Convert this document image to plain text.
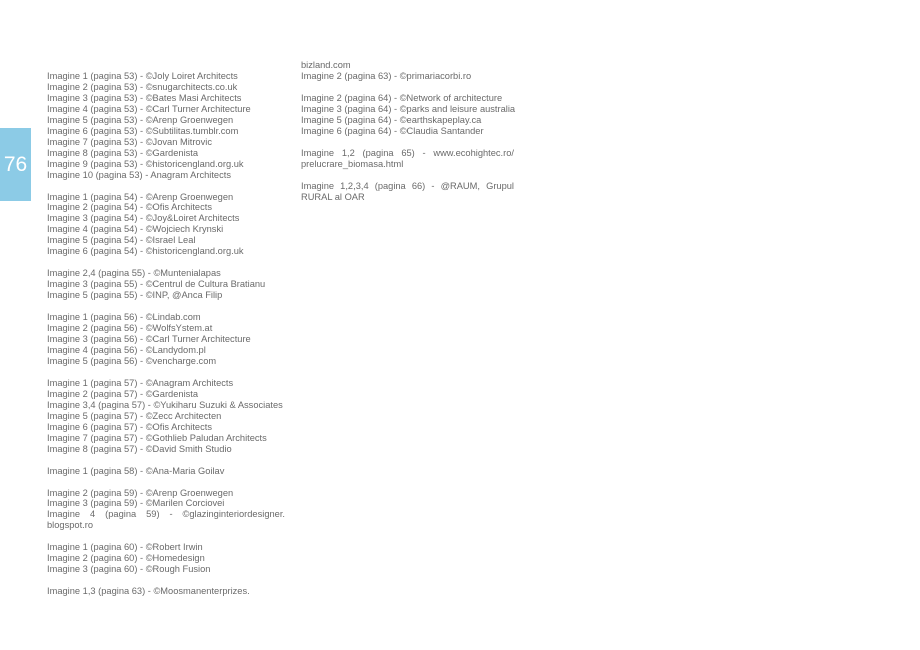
76
Imagine 1 (pagina 53) - ©Joly Loiret Architects
Imagine 2 (pagina 53) - ©snugarchitects.co.uk
Imagine 3 (pagina 53) - ©Bates Masi Architects
Imagine 4 (pagina 53) - ©Carl Turner Architecture
Imagine 5 (pagina 53) - ©Arenp Groenwegen
Imagine 6 (pagina 53) - ©Subtilitas.tumblr.com
Imagine 7 (pagina 53) - ©Jovan Mitrovic
Imagine 8 (pagina 53) - ©Gardenista
Imagine 9 (pagina 53) - ©historicengland.org.uk
Imagine 10 (pagina 53) - Anagram Architects
Imagine 1 (pagina 54) - ©Arenp Groenwegen
Imagine 2 (pagina 54) - ©Ofis Architects
Imagine 3 (pagina 54) - ©Joy&Loiret Architects
Imagine 4 (pagina 54) - ©Wojciech Krynski
Imagine 5 (pagina 54) - ©Israel Leal
Imagine 6 (pagina 54) - ©historicengland.org.uk
Imagine 2,4 (pagina 55) - ©Muntenialapas
Imagine 3 (pagina 55) - ©Centrul de Cultura Bratianu
Imagine 5 (pagina 55) - ©INP, @Anca Filip
Imagine 1 (pagina 56) - ©Lindab.com
Imagine 2 (pagina 56) - ©WolfsYstem.at
Imagine 3 (pagina 56) - ©Carl Turner Architecture
Imagine 4 (pagina 56) - ©Landydom.pl
Imagine 5 (pagina 56) - ©vencharge.com
Imagine 1 (pagina 57) - ©Anagram Architects
Imagine 2 (pagina 57) - ©Gardenista
Imagine 3,4 (pagina 57) - ©Yukiharu Suzuki & Associates
Imagine 5 (pagina 57) - ©Zecc Architecten
Imagine 6 (pagina 57) - ©Ofis Architects
Imagine 7 (pagina 57) - ©Gothlieb Paludan Architects
Imagine 8 (pagina 57) - ©David Smith Studio
Imagine 1 (pagina 58) - ©Ana-Maria Goilav
Imagine 2 (pagina 59) - ©Arenp Groenwegen
Imagine 3 (pagina 59) - ©Marilen Corciovei
Imagine 4 (pagina 59) - ©glazinginteriordesigner. blogspot.ro
Imagine 1 (pagina 60) - ©Robert Irwin
Imagine 2 (pagina 60) - ©Homedesign
Imagine 3 (pagina 60) - ©Rough Fusion
Imagine 1,3 (pagina 63) - ©Moosmanenterprizes.
bizland.com
Imagine 2 (pagina 63) - ©primariacorbi.ro
Imagine 2 (pagina 64) - ©Network of architecture
Imagine 3 (pagina 64) - ©parks and leisure australia
Imagine 5 (pagina 64) - ©earthskapeplay.ca
Imagine 6 (pagina 64) - ©Claudia Santander
Imagine 1,2 (pagina 65) - www.ecohightec.ro/ prelucrare_biomasa.html
Imagine 1,2,3,4 (pagina 66) - @RAUM, Grupul RURAL al OAR
